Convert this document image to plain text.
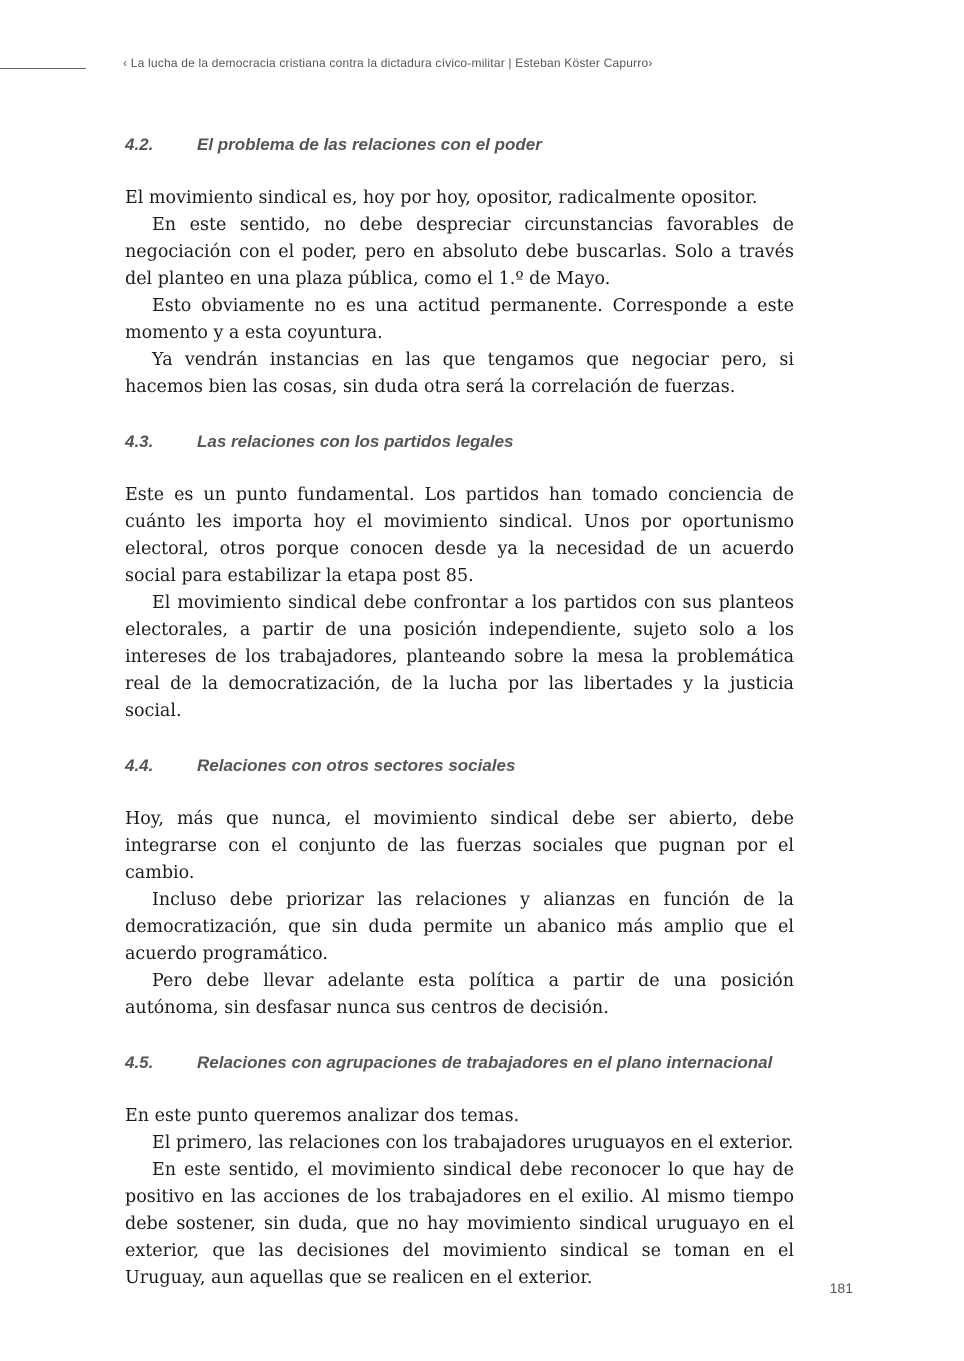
‹ La lucha de la democracia cristiana contra la dictadura cívico-militar | Esteban Köster Capurro›
4.2.	El problema de las relaciones con el poder

El movimiento sindical es, hoy por hoy, opositor, radicalmente opositor.

En este sentido, no debe despreciar circunstancias favorables de negociación con el poder, pero en absoluto debe buscarlas. Solo a través del planteo en una plaza pública, como el 1.º de Mayo.

Esto obviamente no es una actitud permanente. Corresponde a este momento y a esta coyuntura.

Ya vendrán instancias en las que tengamos que negociar pero, si hacemos bien las cosas, sin duda otra será la correlación de fuerzas.

4.3.	Las relaciones con los partidos legales

Este es un punto fundamental. Los partidos han tomado conciencia de cuánto les importa hoy el movimiento sindical. Unos por oportunismo electoral, otros porque conocen desde ya la necesidad de un acuerdo social para estabilizar la etapa post 85.

El movimiento sindical debe confrontar a los partidos con sus planteos electorales, a partir de una posición independiente, sujeto solo a los intereses de los trabajadores, planteando sobre la mesa la problemática real de la democratización, de la lucha por las libertades y la justicia social.

4.4.	Relaciones con otros sectores sociales

Hoy, más que nunca, el movimiento sindical debe ser abierto, debe integrarse con el conjunto de las fuerzas sociales que pugnan por el cambio.

Incluso debe priorizar las relaciones y alianzas en función de la democratización, que sin duda permite un abanico más amplio que el acuerdo programático.

Pero debe llevar adelante esta política a partir de una posición autónoma, sin desfasar nunca sus centros de decisión.

4.5.	Relaciones con agrupaciones de trabajadores en el plano internacional

En este punto queremos analizar dos temas.

El primero, las relaciones con los trabajadores uruguayos en el exterior.

En este sentido, el movimiento sindical debe reconocer lo que hay de positivo en las acciones de los trabajadores en el exilio. Al mismo tiempo debe sostener, sin duda, que no hay movimiento sindical uruguayo en el exterior, que las decisiones del movimiento sindical se toman en el Uruguay, aun aquellas que se realicen en el exterior.	181
